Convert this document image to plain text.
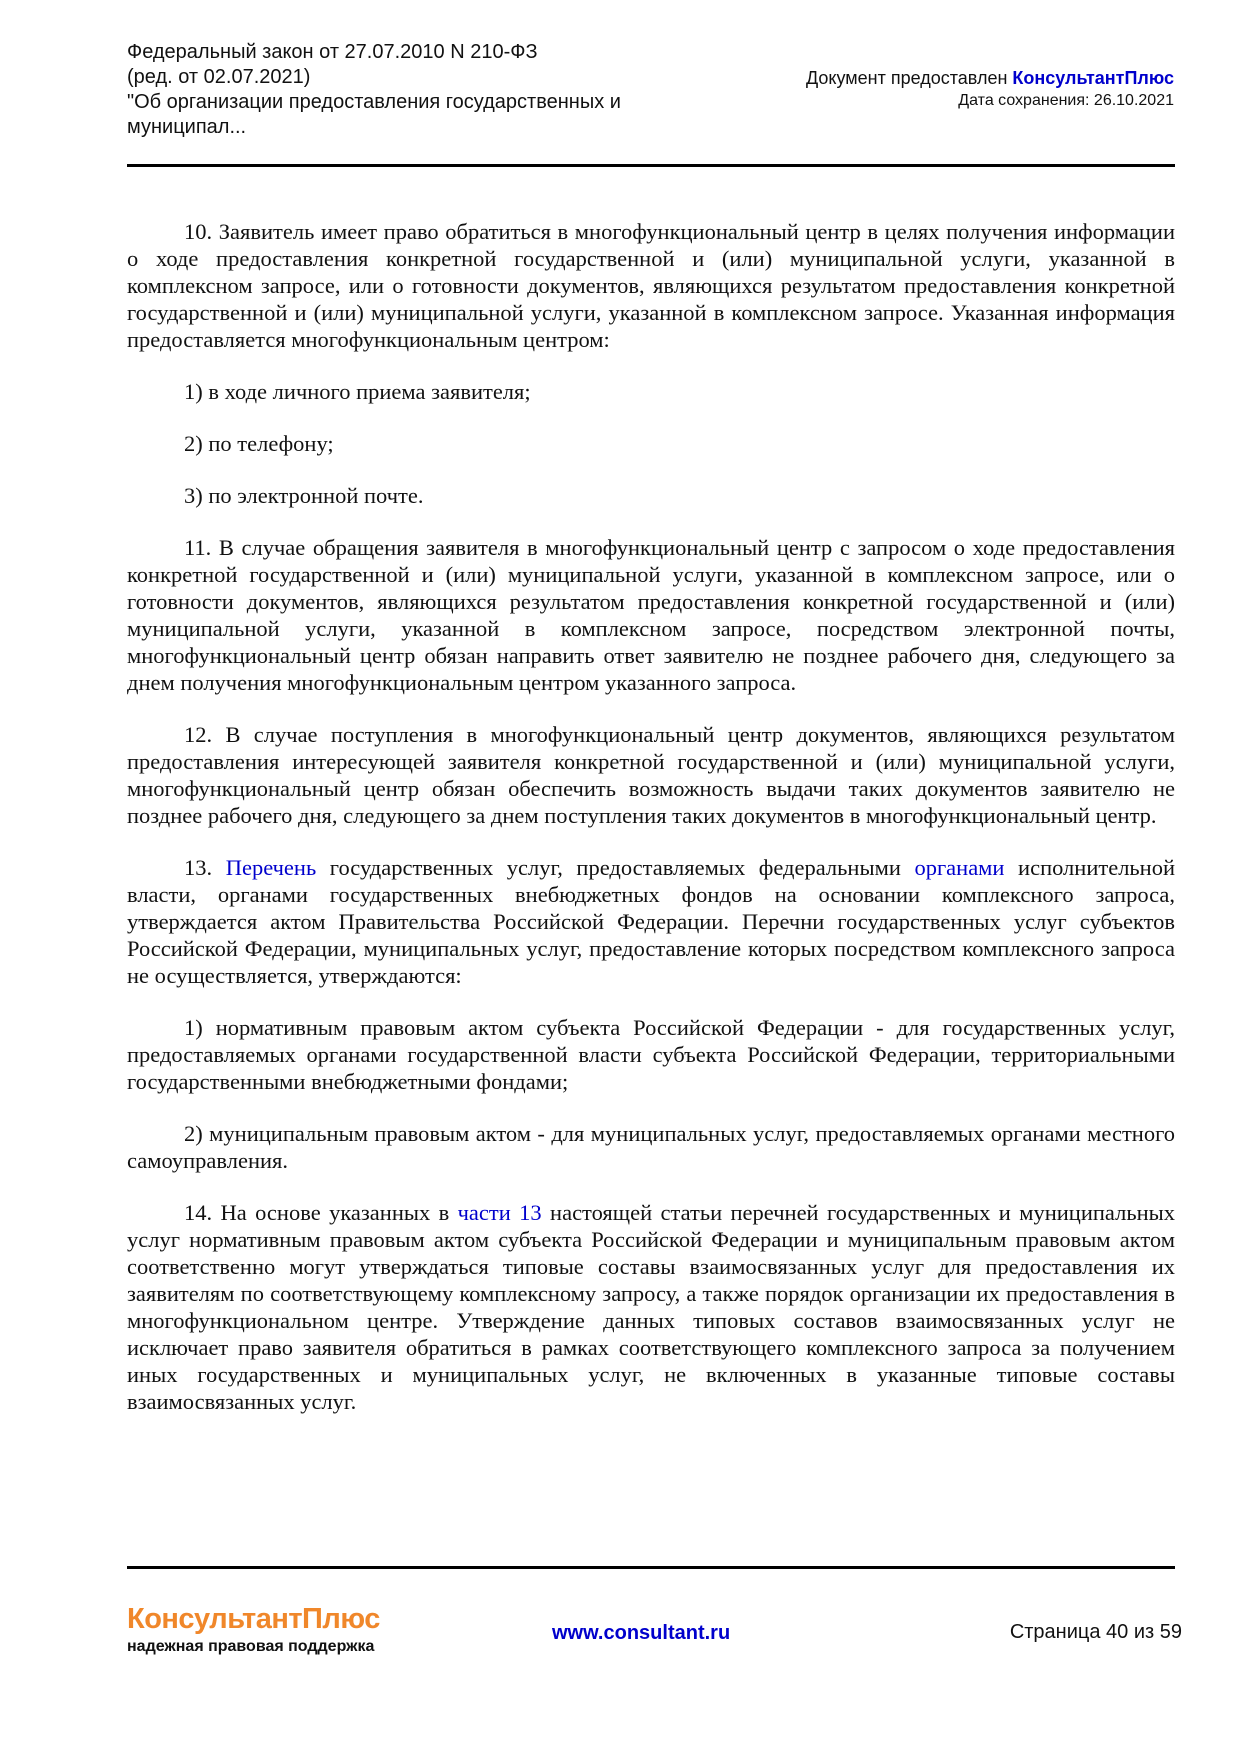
Федеральный закон от 27.07.2010 N 210-ФЗ
(ред. от 02.07.2021)
"Об организации предоставления государственных и
муниципал...
Документ предоставлен КонсультантПлюс
Дата сохранения: 26.10.2021

10. Заявитель имеет право обратиться в многофункциональный центр в целях получения информации о ходе предоставления конкретной государственной и (или) муниципальной услуги, указанной в комплексном запросе, или о готовности документов, являющихся результатом предоставления конкретной государственной и (или) муниципальной услуги, указанной в комплексном запросе. Указанная информация предоставляется многофункциональным центром:

1) в ходе личного приема заявителя;

2) по телефону;

3) по электронной почте.

11. В случае обращения заявителя в многофункциональный центр с запросом о ходе предоставления конкретной государственной и (или) муниципальной услуги, указанной в комплексном запросе, или о готовности документов, являющихся результатом предоставления конкретной государственной и (или) муниципальной услуги, указанной в комплексном запросе, посредством электронной почты, многофункциональный центр обязан направить ответ заявителю не позднее рабочего дня, следующего за днем получения многофункциональным центром указанного запроса.

12. В случае поступления в многофункциональный центр документов, являющихся результатом предоставления интересующей заявителя конкретной государственной и (или) муниципальной услуги, многофункциональный центр обязан обеспечить возможность выдачи таких документов заявителю не позднее рабочего дня, следующего за днем поступления таких документов в многофункциональный центр.

13. Перечень государственных услуг, предоставляемых федеральными органами исполнительной власти, органами государственных внебюджетных фондов на основании комплексного запроса, утверждается актом Правительства Российской Федерации. Перечни государственных услуг субъектов Российской Федерации, муниципальных услуг, предоставление которых посредством комплексного запроса не осуществляется, утверждаются:

1) нормативным правовым актом субъекта Российской Федерации - для государственных услуг, предоставляемых органами государственной власти субъекта Российской Федерации, территориальными государственными внебюджетными фондами;

2) муниципальным правовым актом - для муниципальных услуг, предоставляемых органами местного самоуправления.

14. На основе указанных в части 13 настоящей статьи перечней государственных и муниципальных услуг нормативным правовым актом субъекта Российской Федерации и муниципальным правовым актом соответственно могут утверждаться типовые составы взаимосвязанных услуг для предоставления их заявителям по соответствующему комплексному запросу, а также порядок организации их предоставления в многофункциональном центре. Утверждение данных типовых составов взаимосвязанных услуг не исключает право заявителя обратиться в рамках соответствующего комплексного запроса за получением иных государственных и муниципальных услуг, не включенных в указанные типовые составы взаимосвязанных услуг.

КонсультантПлюс
надежная правовая поддержка
www.consultant.ru	Страница 40 из 59
